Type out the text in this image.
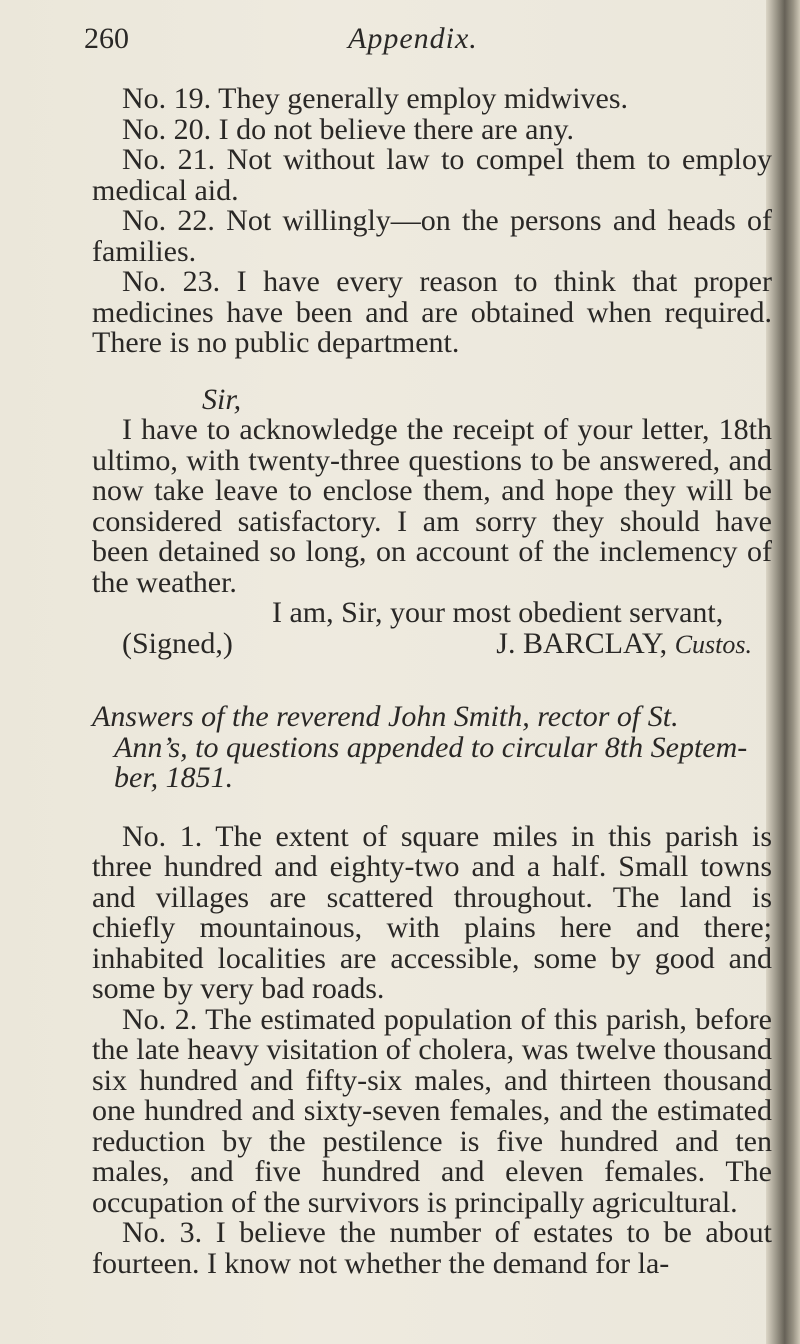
260	Appendix.

No. 19. They generally employ midwives.

No. 20. I do not believe there are any.

No. 21. Not without law to compel them to employ medical aid.

No. 22. Not willingly—on the persons and heads of families.

No. 23. I have every reason to think that proper medicines have been and are obtained when required. There is no public department.

Sir,

I have to acknowledge the receipt of your letter, 18th ultimo, with twenty-three questions to be answered, and now take leave to enclose them, and hope they will be considered satisfactory. I am sorry they should have been detained so long, on account of the inclemency of the weather.

I am, Sir, your most obedient servant,

(Signed,)	J. BARCLAY, Custos.

Answers of the reverend John Smith, rector of St.
Ann’s, to questions appended to circular 8th Septem-
ber, 1851.

No. 1. The extent of square miles in this parish is three hundred and eighty-two and a half. Small towns and villages are scattered throughout. The land is chiefly mountainous, with plains here and there; inhabited localities are accessible, some by good and some by very bad roads.

No. 2. The estimated population of this parish, before the late heavy visitation of cholera, was twelve thousand six hundred and fifty-six males, and thirteen thousand one hundred and sixty-seven females, and the estimated reduction by the pestilence is five hundred and ten males, and five hundred and eleven females. The occupation of the survivors is principally agricultural.

No. 3. I believe the number of estates to be about fourteen. I know not whether the demand for la-
